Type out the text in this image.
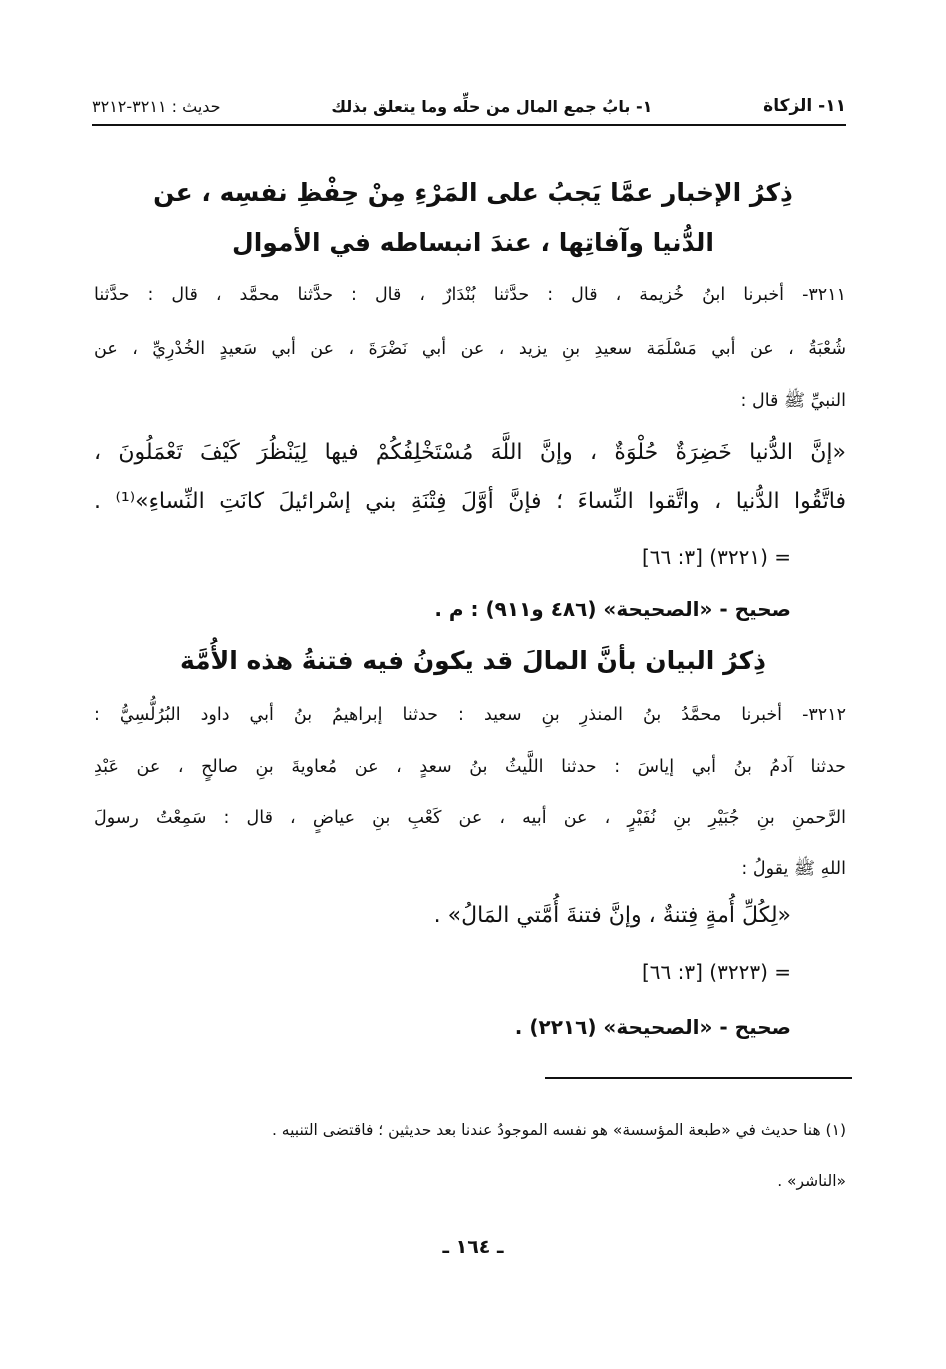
١١- الزكاة
١- بابُ جمع المال من حلِّه وما يتعلق بذلك
حديث : ٣٢١١-٣٢١٢
ذِكرُ الإخبار عمَّا يَجبُ على المَرْءِ مِنْ حِفْظِ نفسِه ، عن
الدُّنيا وآفاتِها ، عندَ انبساطه في الأموال
٣٢١١- أخبرنا ابنُ خُزيمة ، قال : حدَّثنا بُنْدَارٌ ، قال : حدَّثنا محمَّد ، قال : حدَّثنا
شُعْبَةُ ، عن أبي مَسْلَمَة سعيدِ بنِ يزيد ، عن أبي نَضْرَةَ ، عن أبي سَعيدٍ الخُدْرِيِّ ، عن
النبيِّ ﷺ قال :
«إنَّ الدُّنيا خَضِرَةٌ حُلْوَةٌ ، وإنَّ اللَّهَ مُسْتَخْلِفُكُمْ فيها لِيَنْظُرَ كَيْفَ تَعْمَلُونَ ،
فاتَّقُوا الدُّنيا ، واتَّقوا النِّساءَ ؛ فإنَّ أوَّلَ فِتْنَةِ بني إسْرائيلَ كانَتِ النِّساءِ»⁽¹⁾ .
= (٣٢٢١) [٣: ٦٦]
صحيح - «الصحيحة» (٤٨٦ و٩١١) : م .
ذِكرُ البيان بأنَّ المالَ قد يكونُ فيه فتنةُ هذه الأُمَّة
٣٢١٢- أخبرنا محمَّدُ بنُ المنذرِ بنِ سعيد : حدثنا إبراهيمُ بنُ أبي داود البُرُلُّسِيُّ :
حدثنا آدمُ بنُ أبي إياسَ : حدثنا اللَّيثُ بنُ سعدٍ ، عن مُعاويةَ بنِ صالحٍ ، عن عَبْدِ
الرَّحمنِ بنِ جُبَيْرِ بنِ نُفَيْرٍ ، عن أبيه ، عن كَعْبِ بنِ عياضٍ ، قال : سَمِعْتُ رسولَ
اللهِ ﷺ يقولُ :
«لِكُلِّ أُمةٍ فِتنةٌ ، وإنَّ فتنةَ أُمَّتي المَالُ» .
= (٣٢٢٣) [٣: ٦٦]
صحيح - «الصحيحة» (٢٢١٦) .
(١) هنا حديث في «طبعة المؤسسة» هو نفسه الموجودُ عندنا بعد حديثين ؛ فاقتضى التنبيه .
«الناشر» .
ـ ١٦٤ ـ
